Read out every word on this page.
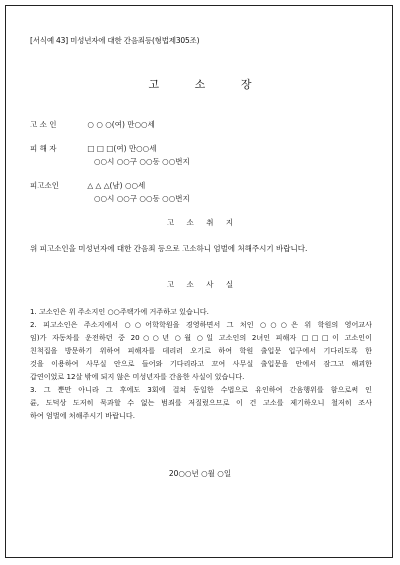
[서식예 43] 미성년자에 대한 간음죄등(형법제305조)
고	소	장
고 소 인	○ ○ ○(여) 만○○세
피 해 자	□ □ □(여) 만○○세
○○시 ○○구 ○○동 ○○번지
피고소인	△ △ △(남) ○○세
○○시 ○○구 ○○동 ○○번지
고 소 취 지
위 피고소인을 미성년자에 대한 간음죄 등으로 고소하니 엄벌에 처해주시기 바랍니다.
고 소 사 실

1. 고소인은 위 주소지인 ○○주택가에 거주하고 있습니다.

2. 피고소인은 주소지에서 ○○어학학원을 경영하면서 그 처인 ○○○은 위 학원의 영어교사

임)가 자동차를 운전하던 중 20○○년 ○월 ○일 고소인의 2녀인 피해자 □□□이 고소인이

친척집을 방문하기 위하여 피해자를 데리러 오기로 하여 학원 출입문 입구에서 기다리도록 한

것을 이용하여 사무실 안으로 들어와 기다리라고 꼬여 사무실 출입문을 안에서 잠그고 해괴한

갑연이었로 12살 밖에 되지 않은 미성년자를 간음한 사실이 있습니다.

3. 그 뿐만 아니라 그 후에도 3회에 걸쳐 동일한 수법으로 유인하여 간음행위를 함으로써 인

륜, 도덕상 도저히 묵과할 수 없는 범죄를 저질렀으므로 이 건 고소를 제기하오니 철저히 조사

하여 엄벌에 처해주시기 바랍니다.

20○○년 ○월 ○일
